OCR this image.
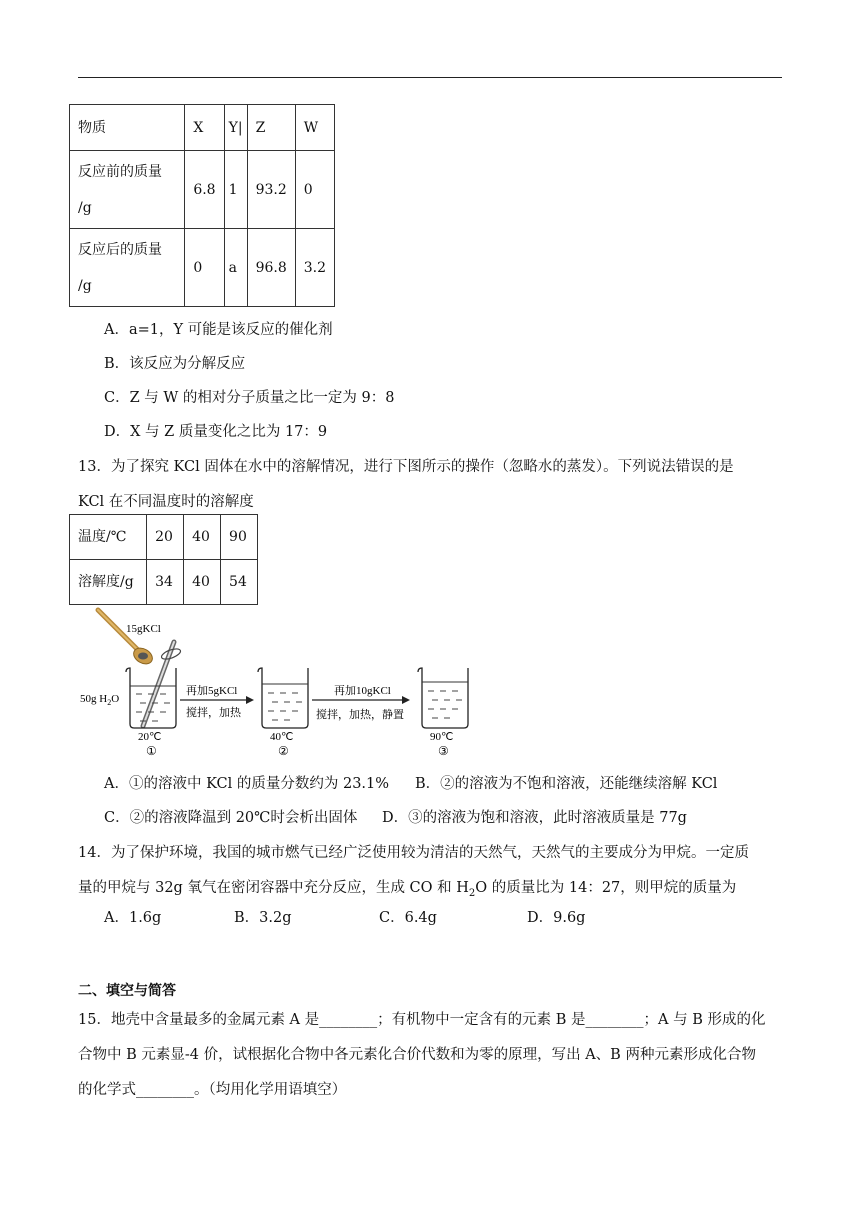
物质	X	Y|	Z	W

反应前的质量
/g	6.8	1	93.2	0

反应后的质量
/g	0	a	96.8	3.2
A．a=1，Y 可能是该反应的催化剂
B．该反应为分解反应
C．Z 与 W 的相对分子质量之比一定为 9：8
D．X 与 Z 质量变化之比为 17：9
13．为了探究 KCl 固体在水中的溶解情况，进行下图所示的操作（忽略水的蒸发）。下列说法错误的是
KCl 在不同温度时的溶解度
温度/℃	20	40	90
溶解度/g	34	40	54
15gKCl
50g $H_2O$
再加5gKCl
搅拌，加热
再加10gKCl
搅拌，加热，静置
20℃
①
40℃
②
90℃
③
A．①的溶液中 KCl 的质量分数约为 23.1% B．②的溶液为不饱和溶液，还能继续溶解 KCl
C．②的溶液降温到 20℃时会析出固体 D．③的溶液为饱和溶液，此时溶液质量是 77g
14．为了保护环境，我国的城市燃气已经广泛使用较为清洁的天然气，天然气的主要成分为甲烷。一定质
量的甲烷与 32g 氧气在密闭容器中充分反应，生成 CO 和 $H_2O$ 的质量比为 14：27，则甲烷的质量为
A．1.6g	B．3.2g	C．6.4g	D．9.6g
二、填空与简答
15．地壳中含量最多的金属元素 A 是________；有机物中一定含有的元素 B 是________；A 与 B 形成的化
合物中 B 元素显-4 价，试根据化合物中各元素化合价代数和为零的原理，写出 A、B 两种元素形成化合物
的化学式________。（均用化学用语填空）
